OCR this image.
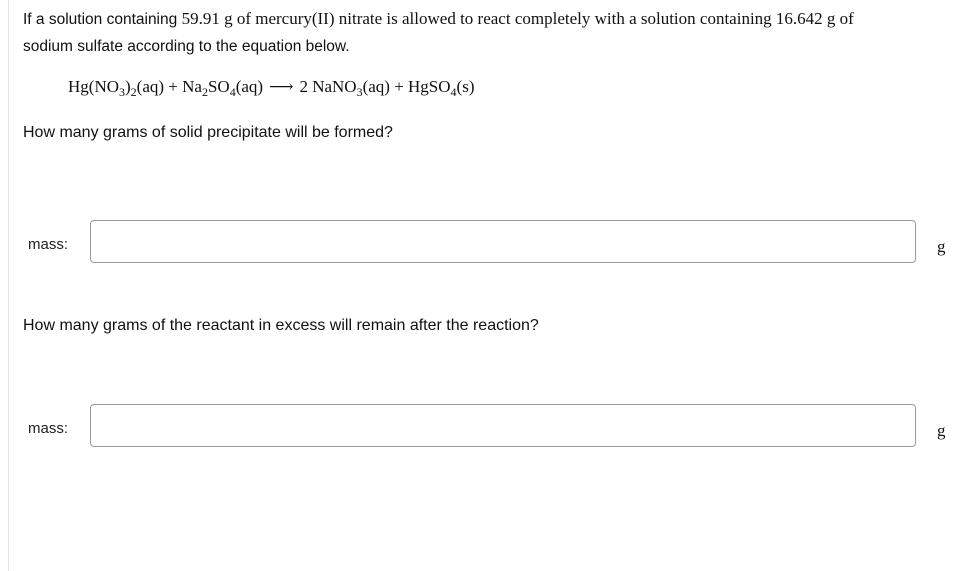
If a solution containing 59.91 g of mercury(II) nitrate is allowed to react completely with a solution containing 16.642 g of
sodium sulfate according to the equation below.
$Hg(NO_3)_2(aq) + Na_2SO_4(aq)$ ⟶ 2 NaNO$_3$(aq) + HgSO$_4$(s)
How many grams of solid precipitate will be formed?
mass:	g
How many grams of the reactant in excess will remain after the reaction?
mass:	g
